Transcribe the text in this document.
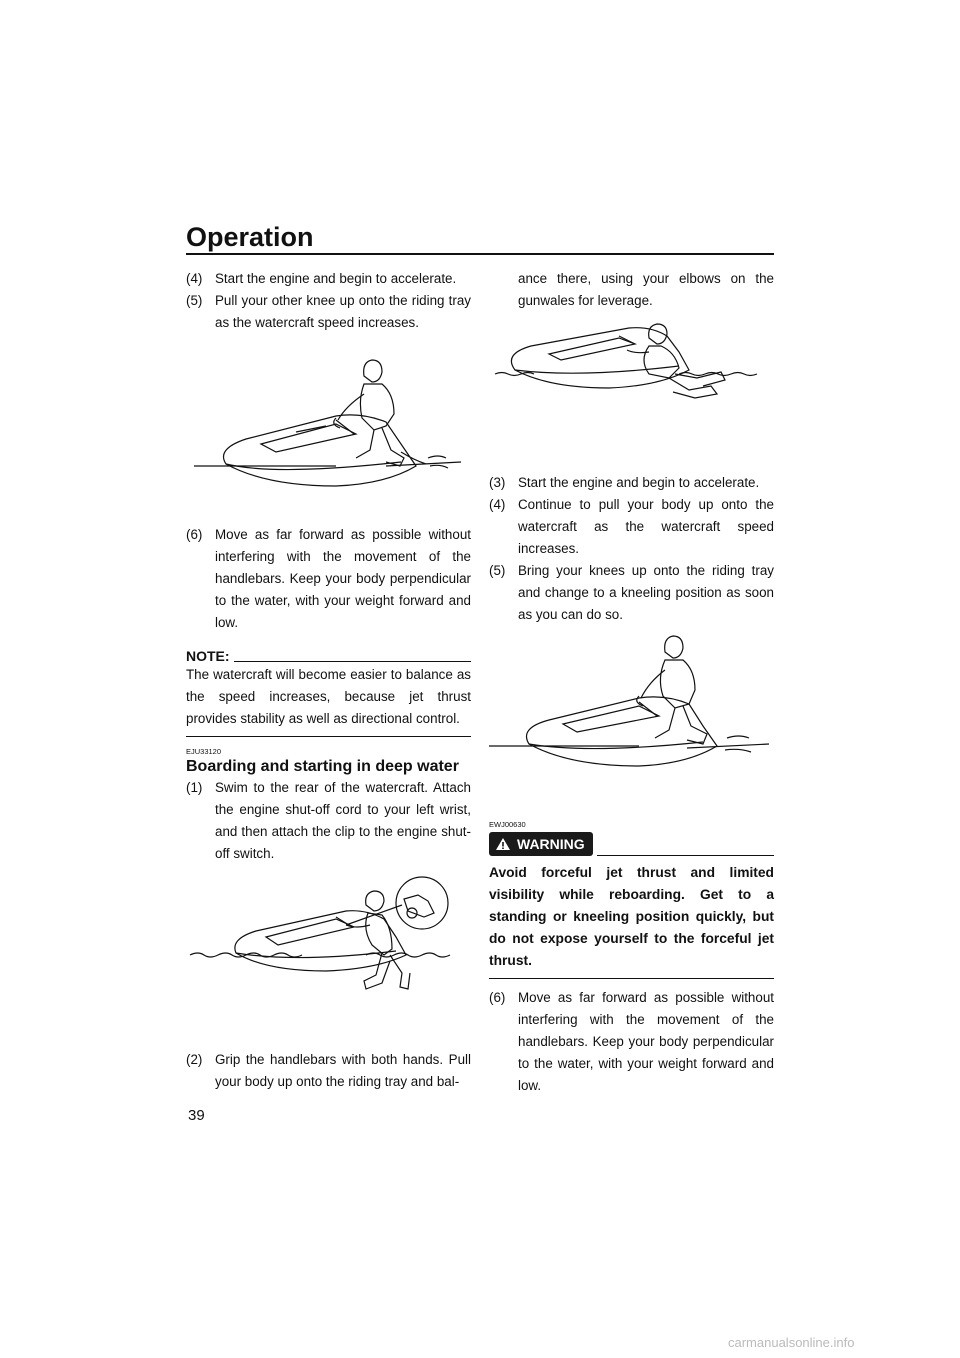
Operation
(4) Start the engine and begin to accelerate.
(5) Pull your other knee up onto the riding tray as the watercraft speed increases.
(6) Move as far forward as possible without interfering with the movement of the handlebars. Keep your body perpendicular to the water, with your weight forward and low.
NOTE:

The watercraft will become easier to balance as the speed increases, because jet thrust provides stability as well as directional control.

EJU33120
Boarding and starting in deep water
(1) Swim to the rear of the watercraft. Attach the engine shut-off cord to your left wrist, and then attach the clip to the engine shut-off switch.
(2) Grip the handlebars with both hands. Pull your body up onto the riding tray and bal-

ance there, using your elbows on the gunwales for leverage.

(3) Start the engine and begin to accelerate.
(4) Continue to pull your body up onto the watercraft as the watercraft speed increases.
(5) Bring your knees up onto the riding tray and change to a kneeling position as soon as you can do so.
EWJ00630
WARNING

Avoid forceful jet thrust and limited visibility while reboarding. Get to a standing or kneeling position quickly, but do not expose yourself to the forceful jet thrust.

(6) Move as far forward as possible without interfering with the movement of the handlebars. Keep your body perpendicular to the water, with your weight forward and low.
39
carmanualsonline.info
